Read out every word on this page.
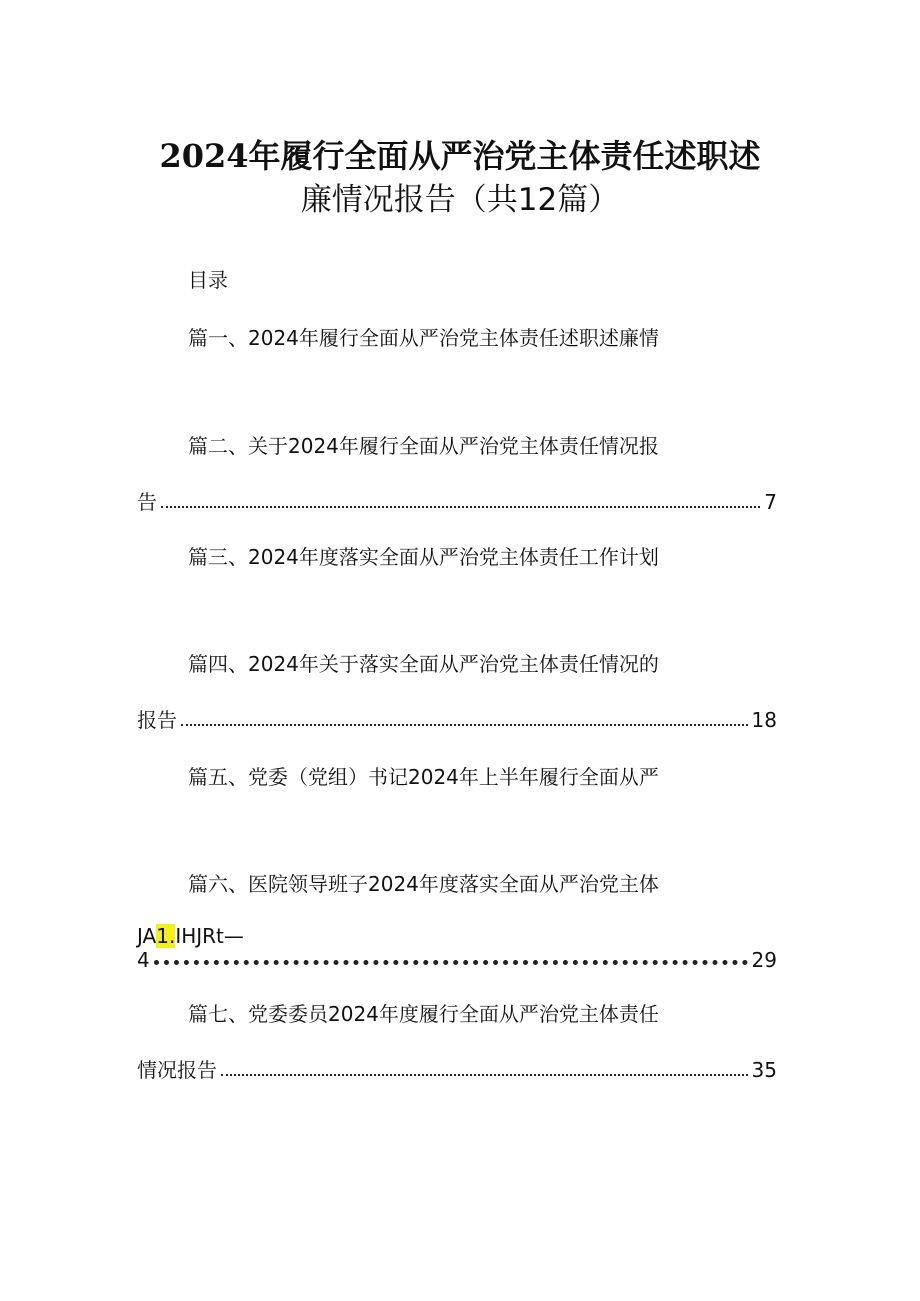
2024年履行全面从严治党主体责任述职述
廉情况报告（共12篇）
目录
篇一、2024年履行全面从严治党主体责任述职述廉情
篇二、关于2024年履行全面从严治党主体责任情况报
告	7
篇三、2024年度落实全面从严治党主体责任工作计划
篇四、2024年关于落实全面从严治党主体责任情况的
报告	18
篇五、党委（党组）书记2024年上半年履行全面从严
篇六、医院领导班子2024年度落实全面从严治党主体
JA1.IHJRt—
4	29
篇七、党委委员2024年度履行全面从严治党主体责任
情况报告	35
